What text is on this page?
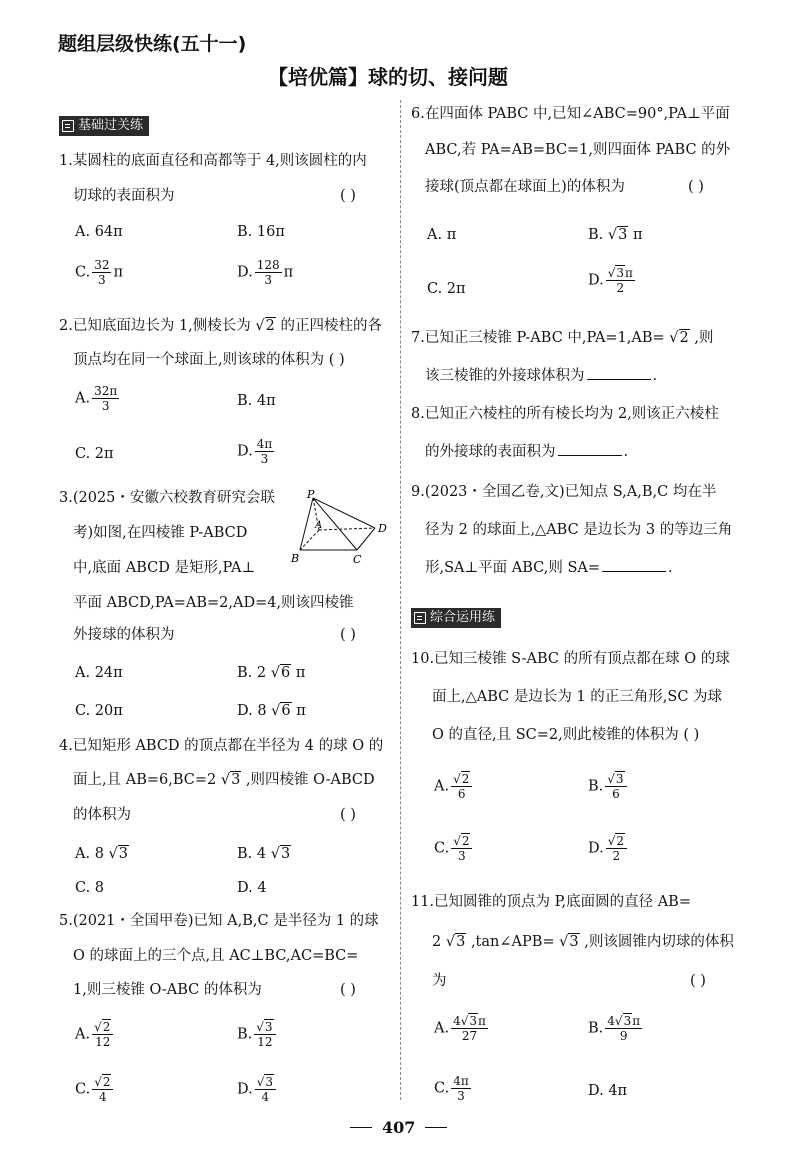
题组层级快练(五十一)
【培优篇】球的切、接问题
基础过关练
1.某圆柱的底面直径和高都等于 4,则该圆柱的内
切球的表面积为	( )
A. 64π	B. 16π
C. $\frac{32}{3}$ π	D. $\frac{128}{3}$ π
2.已知底面边长为 1,侧棱长为 √2 的正四棱柱的各
顶点均在同一个球面上,则该球的体积为 ( )
A. $\frac{32\pi}{3}$	B. 4π
C. 2π	D. $\frac{4\pi}{3}$
3.(2025・安徽六校教育研究会联
考)如图,在四棱锥 P-ABCD
中,底面 ABCD 是矩形,PA⊥
平面 ABCD,PA=AB=2,AD=4,则该四棱锥
外接球的体积为	( )
P
A
B	C
D
A. 24π	B. 2 √6 π
C. 20π	D. 8 √6 π
4.已知矩形 ABCD 的顶点都在半径为 4 的球 O 的
面上,且 AB=6,BC=2 √3 ,则四棱锥 O-ABCD
的体积为	( )
A. 8 √3	B. 4 √3
C. 8	D. 4
5.(2021・全国甲卷)已知 A,B,C 是半径为 1 的球
O 的球面上的三个点,且 AC⊥BC,AC=BC=
1,则三棱锥 O-ABC 的体积为	( )
A. $\frac{√2}{12}$	B. $\frac{√3}{12}$
C. $\frac{√2}{4}$	D. $\frac{√3}{4}$
6.在四面体 PABC 中,已知∠ABC=90°,PA⊥平面
ABC,若 PA=AB=BC=1,则四面体 PABC 的外
接球(顶点都在球面上)的体积为	( )
A. π	B. √3 π
C. 2π
D. $\frac{√3\pi}{2}$
7.已知正三棱锥 P-ABC 中,PA=1,AB= √2 ,则
该三棱锥的外接球体积为	.
8.已知正六棱柱的所有棱长均为 2,则该正六棱柱
的外接球的表面积为	.
9.(2023・全国乙卷,文)已知点 S,A,B,C 均在半
径为 2 的球面上,△ABC 是边长为 3 的等边三角
形,SA⊥平面 ABC,则 SA=	.
综合运用练
10.已知三棱锥 S-ABC 的所有顶点都在球 O 的球
面上,△ABC 是边长为 1 的正三角形,SC 为球
O 的直径,且 SC=2,则此棱锥的体积为 ( )
A. $\frac{√2}{6}$	B. $\frac{√3}{6}$
C. $\frac{√2}{3}$	D. $\frac{√2}{2}$
11.已知圆锥的顶点为 P,底面圆的直径 AB=
2 √3 ,tan∠APB= √3 ,则该圆锥内切球的体积
为	( )
A. $\frac{4√3\pi}{27}$	B. $\frac{4√3\pi}{9}$
C. $\frac{4\pi}{3}$	D. 4π
407
